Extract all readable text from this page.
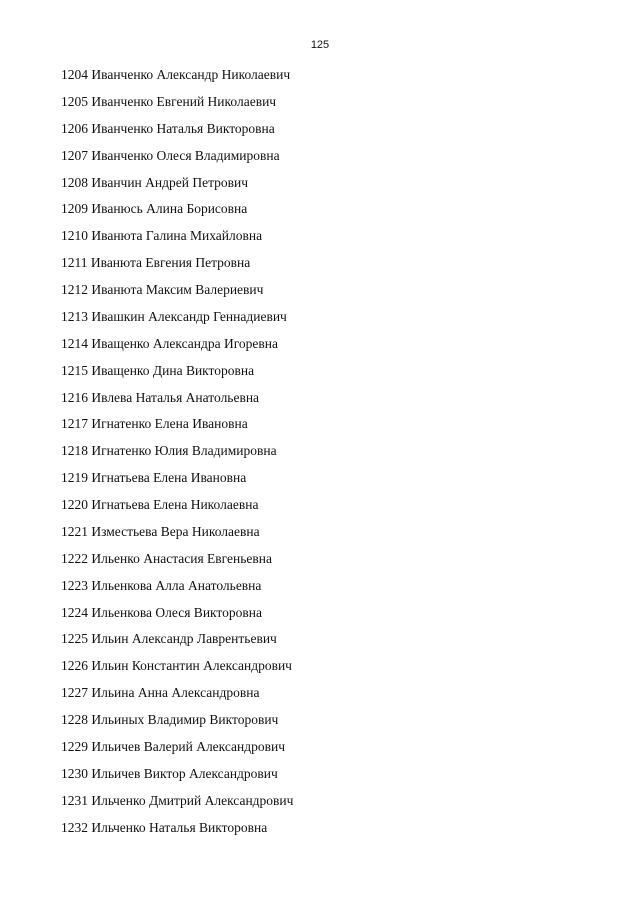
125
1204 Иванченко Александр Николаевич
1205 Иванченко Евгений Николаевич
1206 Иванченко Наталья Викторовна
1207 Иванченко Олеся Владимировна
1208 Иванчин Андрей Петрович
1209 Иванюсь Алина Борисовна
1210 Иванюта Галина Михайловна
1211 Иванюта Евгения Петровна
1212 Иванюта Максим Валериевич
1213 Ивашкин Александр Геннадиевич
1214 Иващенко Александра Игоревна
1215 Иващенко Дина Викторовна
1216 Ивлева Наталья Анатольевна
1217 Игнатенко Елена Ивановна
1218 Игнатенко Юлия Владимировна
1219 Игнатьева Елена Ивановна
1220 Игнатьева Елена Николаевна
1221 Изместьева Вера Николаевна
1222 Ильенко Анастасия Евгеньевна
1223 Ильенкова Алла Анатольевна
1224 Ильенкова Олеся Викторовна
1225 Ильин Александр Лаврентьевич
1226 Ильин Константин Александрович
1227 Ильина Анна Александровна
1228 Ильиных Владимир Викторович
1229 Ильичев Валерий Александрович
1230 Ильичев Виктор Александрович
1231 Ильченко Дмитрий Александрович
1232 Ильченко Наталья Викторовна
